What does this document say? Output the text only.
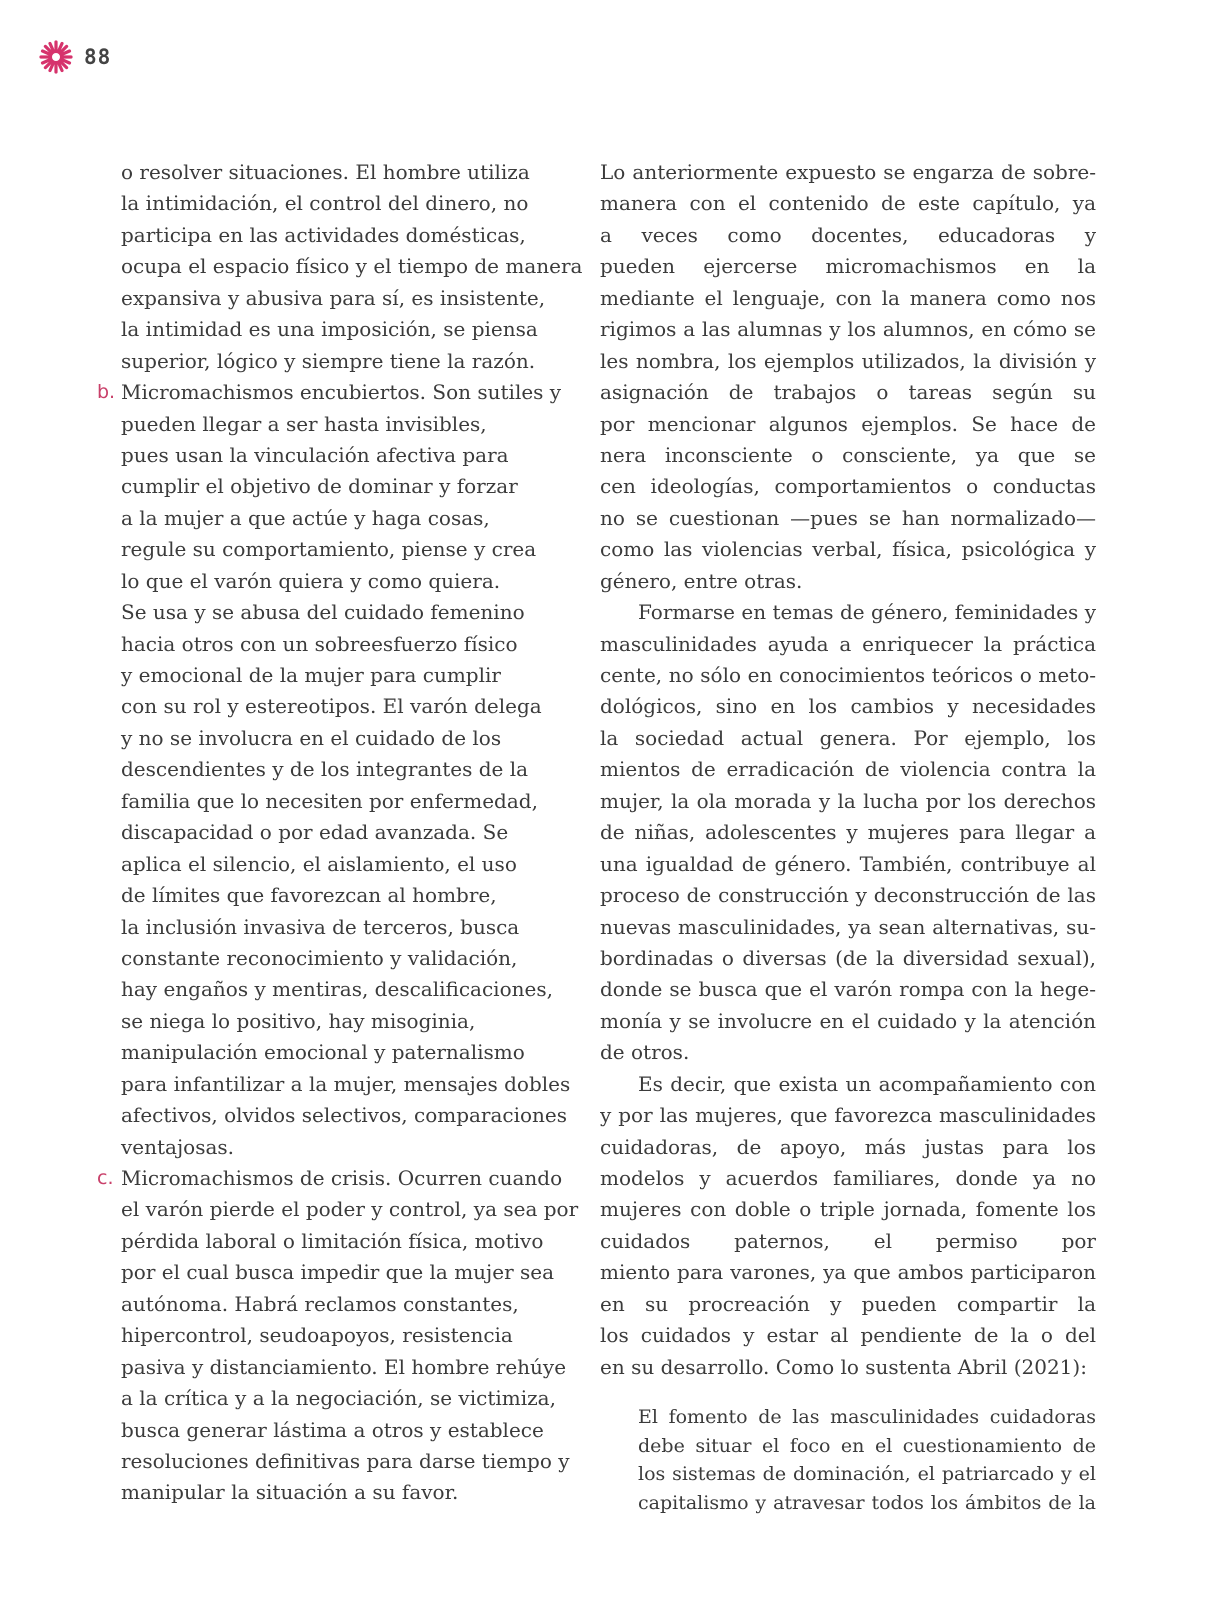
88
o resolver situaciones. El hombre utiliza
la intimidación, el control del dinero, no
participa en las actividades domésticas,
ocupa el espacio físico y el tiempo de manera
expansiva y abusiva para sí, es insistente,
la intimidad es una imposición, se piensa
superior, lógico y siempre tiene la razón.
b. Micromachismos encubiertos. Son sutiles y
pueden llegar a ser hasta invisibles,
pues usan la vinculación afectiva para
cumplir el objetivo de dominar y forzar
a la mujer a que actúe y haga cosas,
regule su comportamiento, piense y crea
lo que el varón quiera y como quiera.
Se usa y se abusa del cuidado femenino
hacia otros con un sobreesfuerzo físico
y emocional de la mujer para cumplir
con su rol y estereotipos. El varón delega
y no se involucra en el cuidado de los
descendientes y de los integrantes de la
familia que lo necesiten por enfermedad,
discapacidad o por edad avanzada. Se
aplica el silencio, el aislamiento, el uso
de límites que favorezcan al hombre,
la inclusión invasiva de terceros, busca
constante reconocimiento y validación,
hay engaños y mentiras, descalificaciones,
se niega lo positivo, hay misoginia,
manipulación emocional y paternalismo
para infantilizar a la mujer, mensajes dobles
afectivos, olvidos selectivos, comparaciones
ventajosas.
c. Micromachismos de crisis. Ocurren cuando
el varón pierde el poder y control, ya sea por
pérdida laboral o limitación física, motivo
por el cual busca impedir que la mujer sea
autónoma. Habrá reclamos constantes,
hipercontrol, seudoapoyos, resistencia
pasiva y distanciamiento. El hombre rehúye
a la crítica y a la negociación, se victimiza,
busca generar lástima a otros y establece
resoluciones definitivas para darse tiempo y
manipular la situación a su favor.
Lo anteriormente expuesto se engarza de sobre-
manera con el contenido de este capítulo, ya
a veces como docentes, educadoras y
pueden ejercerse micromachismos en la
mediante el lenguaje, con la manera como nos
rigimos a las alumnas y los alumnos, en cómo se
les nombra, los ejemplos utilizados, la división y
asignación de trabajos o tareas según su
por mencionar algunos ejemplos. Se hace de
nera inconsciente o consciente, ya que se
cen ideologías, comportamientos o conductas
no se cuestionan —pues se han normalizado—
como las violencias verbal, física, psicológica y
género, entre otras.
Formarse en temas de género, feminidades y
masculinidades ayuda a enriquecer la práctica
cente, no sólo en conocimientos teóricos o meto-
dológicos, sino en los cambios y necesidades
la sociedad actual genera. Por ejemplo, los
mientos de erradicación de violencia contra la
mujer, la ola morada y la lucha por los derechos
de niñas, adolescentes y mujeres para llegar a
una igualdad de género. También, contribuye al
proceso de construcción y deconstrucción de las
nuevas masculinidades, ya sean alternativas, su-
bordinadas o diversas (de la diversidad sexual),
donde se busca que el varón rompa con la hege-
monía y se involucre en el cuidado y la atención
de otros.
Es decir, que exista un acompañamiento con
y por las mujeres, que favorezca masculinidades
cuidadoras, de apoyo, más justas para los
modelos y acuerdos familiares, donde ya no
mujeres con doble o triple jornada, fomente los
cuidados paternos, el permiso por
miento para varones, ya que ambos participaron
en su procreación y pueden compartir la
los cuidados y estar al pendiente de la o del
en su desarrollo. Como lo sustenta Abril (2021):
El fomento de las masculinidades cuidadoras
debe situar el foco en el cuestionamiento de
los sistemas de dominación, el patriarcado y el
capitalismo y atravesar todos los ámbitos de la
